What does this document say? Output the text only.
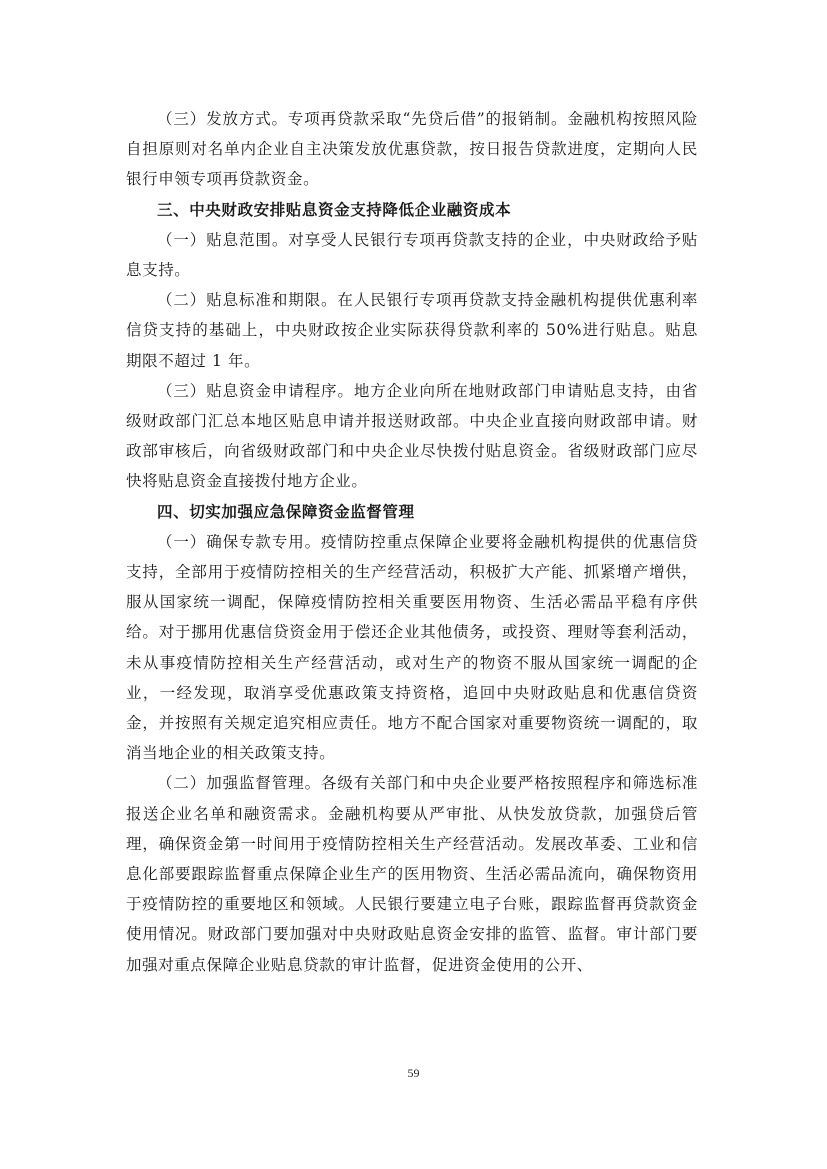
（三）发放方式。专项再贷款采取“先贷后借”的报销制。金融机构按照风险自担原则对名单内企业自主决策发放优惠贷款，按日报告贷款进度，定期向人民银行申领专项再贷款资金。

三、中央财政安排贴息资金支持降低企业融资成本

（一）贴息范围。对享受人民银行专项再贷款支持的企业，中央财政给予贴息支持。

（二）贴息标准和期限。在人民银行专项再贷款支持金融机构提供优惠利率信贷支持的基础上，中央财政按企业实际获得贷款利率的 50%进行贴息。贴息期限不超过 1 年。

（三）贴息资金申请程序。地方企业向所在地财政部门申请贴息支持，由省级财政部门汇总本地区贴息申请并报送财政部。中央企业直接向财政部申请。财政部审核后，向省级财政部门和中央企业尽快拨付贴息资金。省级财政部门应尽快将贴息资金直接拨付地方企业。

四、切实加强应急保障资金监督管理

（一）确保专款专用。疫情防控重点保障企业要将金融机构提供的优惠信贷支持，全部用于疫情防控相关的生产经营活动，积极扩大产能、抓紧增产增供，服从国家统一调配，保障疫情防控相关重要医用物资、生活必需品平稳有序供给。对于挪用优惠信贷资金用于偿还企业其他债务，或投资、理财等套利活动，未从事疫情防控相关生产经营活动，或对生产的物资不服从国家统一调配的企业，一经发现，取消享受优惠政策支持资格，追回中央财政贴息和优惠信贷资金，并按照有关规定追究相应责任。地方不配合国家对重要物资统一调配的，取消当地企业的相关政策支持。

（二）加强监督管理。各级有关部门和中央企业要严格按照程序和筛选标准报送企业名单和融资需求。金融机构要从严审批、从快发放贷款，加强贷后管理，确保资金第一时间用于疫情防控相关生产经营活动。发展改革委、工业和信息化部要跟踪监督重点保障企业生产的医用物资、生活必需品流向，确保物资用于疫情防控的重要地区和领域。人民银行要建立电子台账，跟踪监督再贷款资金使用情况。财政部门要加强对中央财政贴息资金安排的监管、监督。审计部门要加强对重点保障企业贴息贷款的审计监督，促进资金使用的公开、

59
